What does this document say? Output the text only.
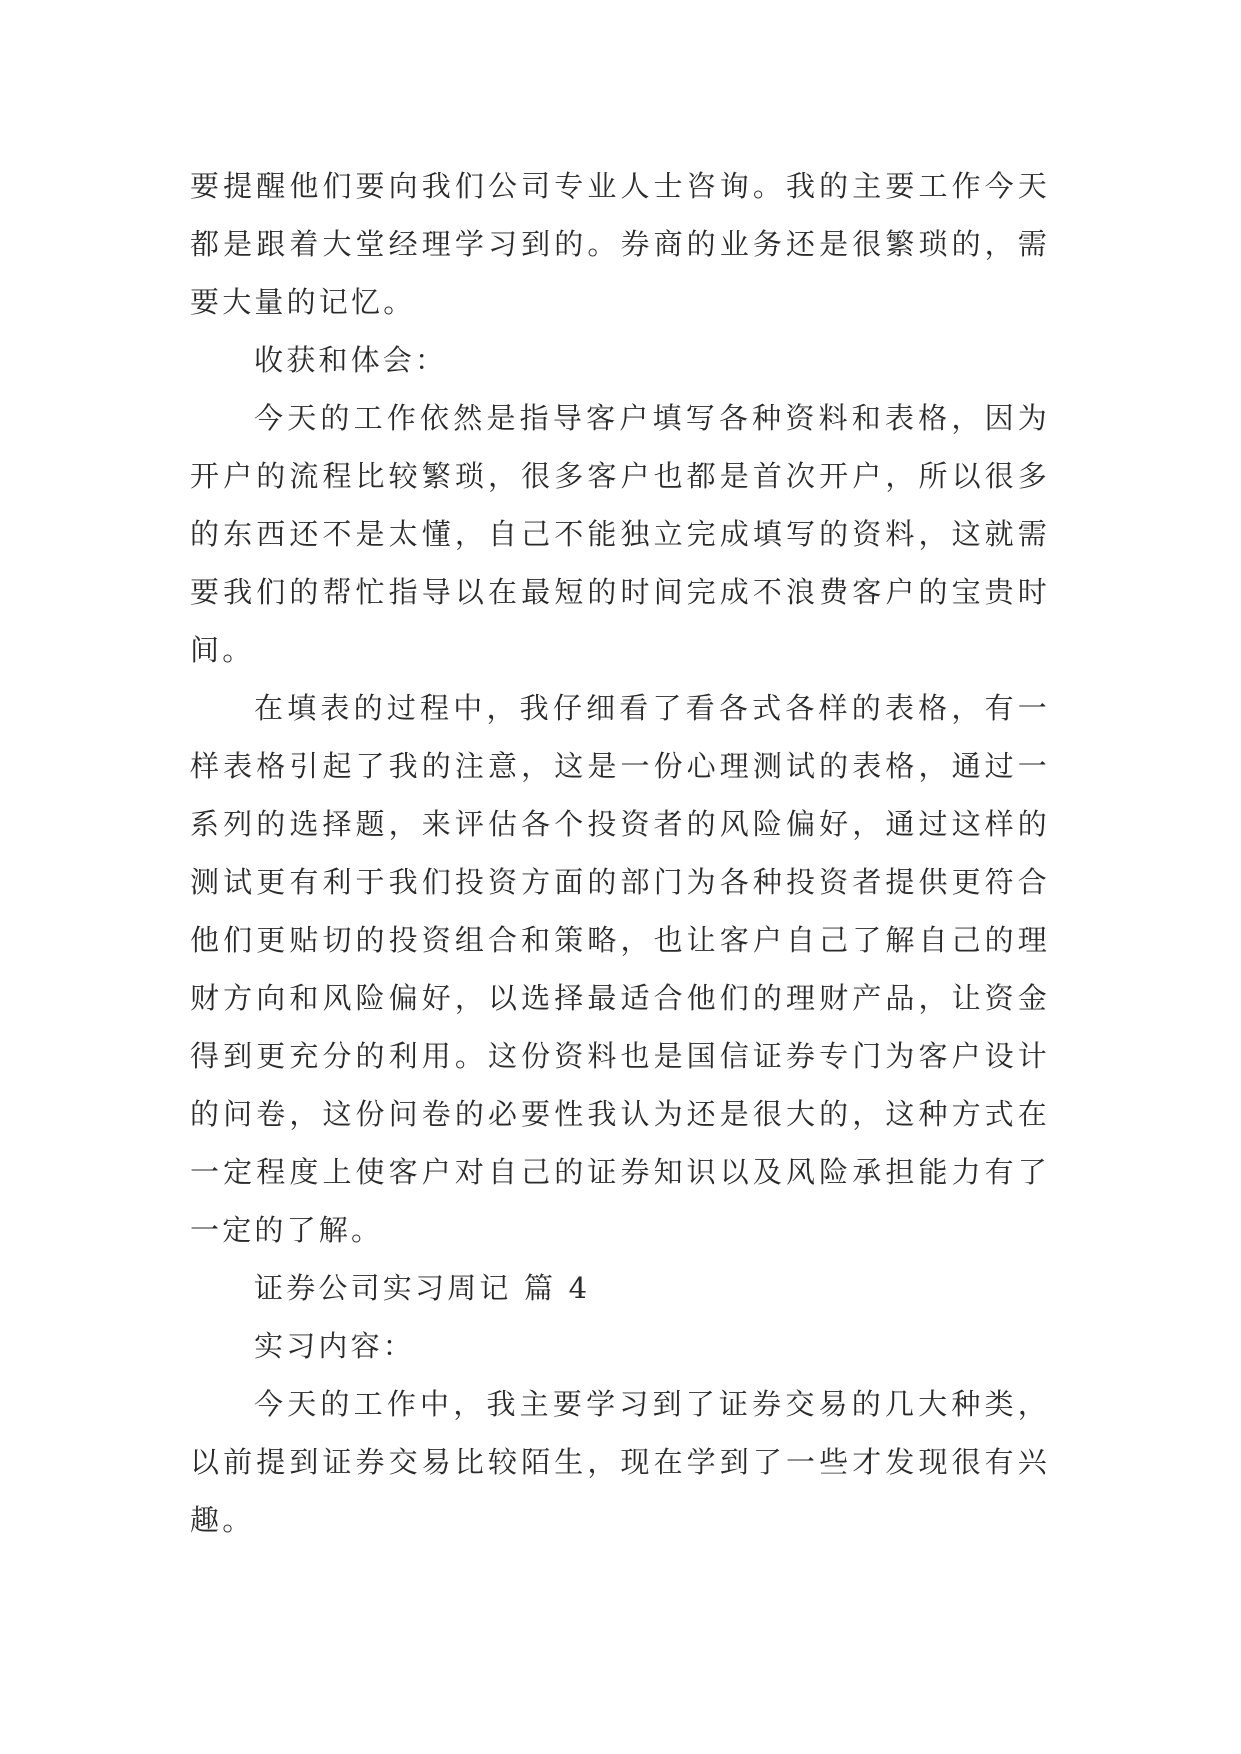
要提醒他们要向我们公司专业人士咨询。我的主要工作今天都是跟着大堂经理学习到的。券商的业务还是很繁琐的，需要大量的记忆。

收获和体会：

今天的工作依然是指导客户填写各种资料和表格，因为开户的流程比较繁琐，很多客户也都是首次开户，所以很多的东西还不是太懂，自己不能独立完成填写的资料，这就需要我们的帮忙指导以在最短的时间完成不浪费客户的宝贵时间。

在填表的过程中，我仔细看了看各式各样的表格，有一样表格引起了我的注意，这是一份心理测试的表格，通过一系列的选择题，来评估各个投资者的风险偏好，通过这样的测试更有利于我们投资方面的部门为各种投资者提供更符合他们更贴切的投资组合和策略，也让客户自己了解自己的理财方向和风险偏好，以选择最适合他们的理财产品，让资金得到更充分的利用。这份资料也是国信证券专门为客户设计的问卷，这份问卷的必要性我认为还是很大的，这种方式在一定程度上使客户对自己的证券知识以及风险承担能力有了一定的了解。

证券公司实习周记 篇 4

实习内容：

今天的工作中，我主要学习到了证券交易的几大种类，以前提到证券交易比较陌生，现在学到了一些才发现很有兴趣。
